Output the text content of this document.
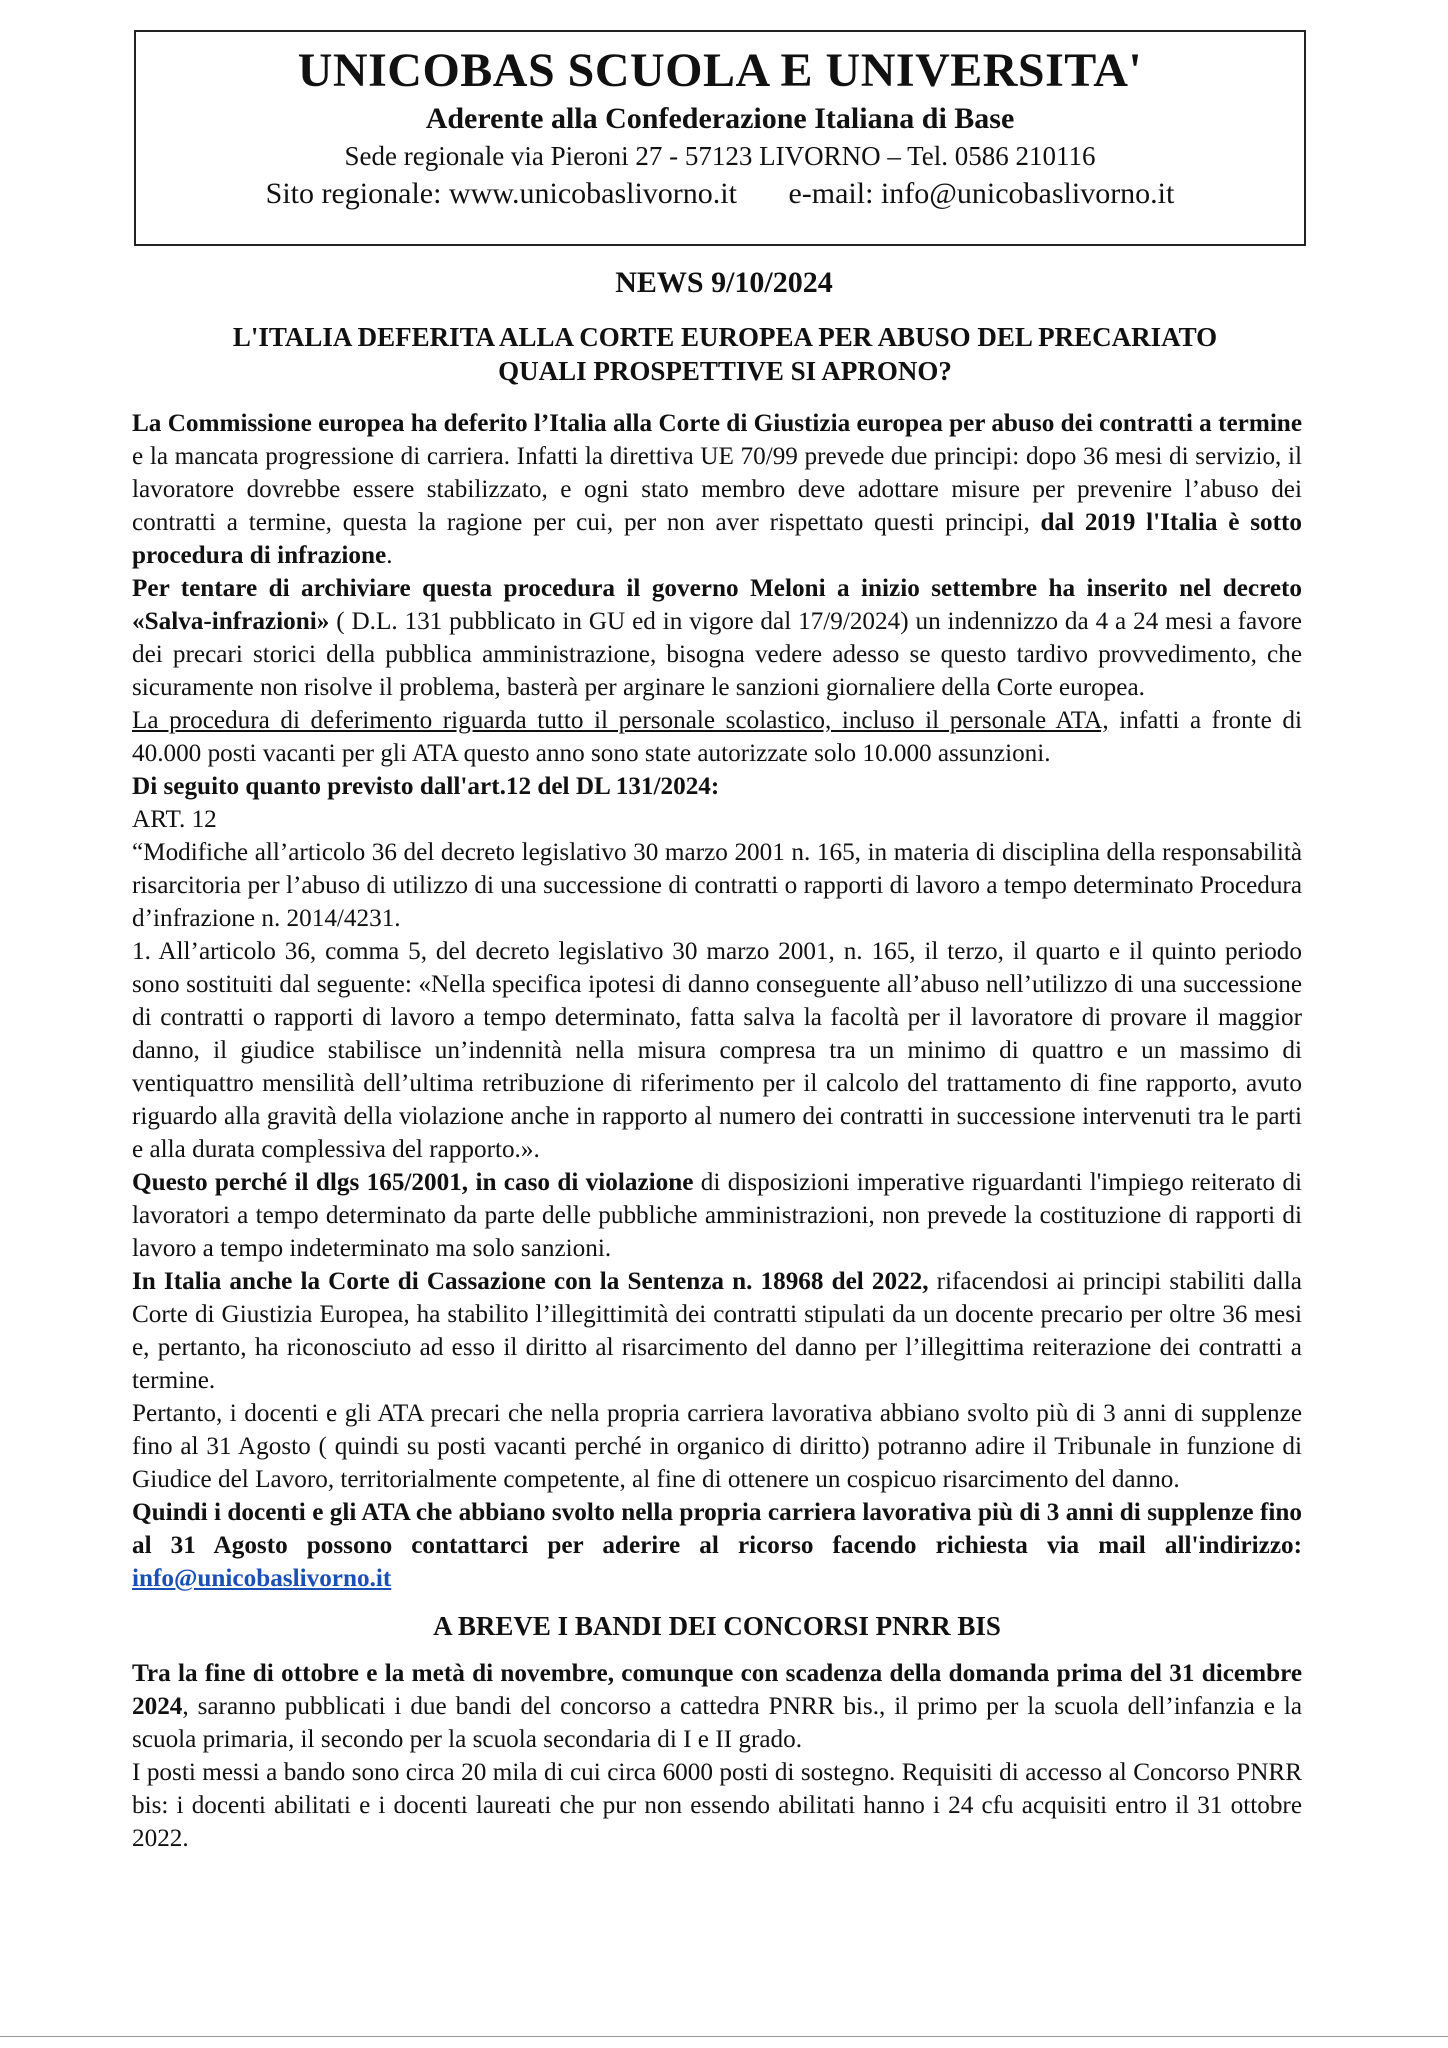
UNICOBAS SCUOLA E UNIVERSITA'
Aderente alla Confederazione Italiana di Base
Sede regionale via Pieroni 27 - 57123 LIVORNO – Tel. 0586 210116
Sito regionale: www.unicobaslivorno.it e-mail: info@unicobaslivorno.it
NEWS 9/10/2024
L'ITALIA DEFERITA ALLA CORTE EUROPEA PER ABUSO DEL PRECARIATO
QUALI PROSPETTIVE SI APRONO?

La Commissione europea ha deferito l’Italia alla Corte di Giustizia europea per abuso dei contratti a termine e la mancata progressione di carriera. Infatti la direttiva UE 70/99 prevede due principi: dopo 36 mesi di servizio, il lavoratore dovrebbe essere stabilizzato, e ogni stato membro deve adottare misure per prevenire l’abuso dei contratti a termine, questa la ragione per cui, per non aver rispettato questi principi, dal 2019 l'Italia è sotto procedura di infrazione.

Per tentare di archiviare questa procedura il governo Meloni a inizio settembre ha inserito nel decreto «Salva-infrazioni» ( D.L. 131 pubblicato in GU ed in vigore dal 17/9/2024) un indennizzo da 4 a 24 mesi a favore dei precari storici della pubblica amministrazione, bisogna vedere adesso se questo tardivo provvedimento, che sicuramente non risolve il problema, basterà per arginare le sanzioni giornaliere della Corte europea.

La procedura di deferimento riguarda tutto il personale scolastico, incluso il personale ATA, infatti a fronte di 40.000 posti vacanti per gli ATA questo anno sono state autorizzate solo 10.000 assunzioni.

Di seguito quanto previsto dall'art.12 del DL 131/2024:

ART. 12

“Modifiche all’articolo 36 del decreto legislativo 30 marzo 2001 n. 165, in materia di disciplina della responsabilità risarcitoria per l’abuso di utilizzo di una successione di contratti o rapporti di lavoro a tempo determinato Procedura d’infrazione n. 2014/4231.

1. All’articolo 36, comma 5, del decreto legislativo 30 marzo 2001, n. 165, il terzo, il quarto e il quinto periodo sono sostituiti dal seguente: «Nella specifica ipotesi di danno conseguente all’abuso nell’utilizzo di una successione di contratti o rapporti di lavoro a tempo determinato, fatta salva la facoltà per il lavoratore di provare il maggior danno, il giudice stabilisce un’indennità nella misura compresa tra un minimo di quattro e un massimo di ventiquattro mensilità dell’ultima retribuzione di riferimento per il calcolo del trattamento di fine rapporto, avuto riguardo alla gravità della violazione anche in rapporto al numero dei contratti in successione intervenuti tra le parti e alla durata complessiva del rapporto.».

Questo perché il dlgs 165/2001, in caso di violazione di disposizioni imperative riguardanti l'impiego reiterato di lavoratori a tempo determinato da parte delle pubbliche amministrazioni, non prevede la costituzione di rapporti di lavoro a tempo indeterminato ma solo sanzioni.

In Italia anche la Corte di Cassazione con la Sentenza n. 18968 del 2022, rifacendosi ai principi stabiliti dalla Corte di Giustizia Europea, ha stabilito l’illegittimità dei contratti stipulati da un docente precario per oltre 36 mesi e, pertanto, ha riconosciuto ad esso il diritto al risarcimento del danno per l’illegittima reiterazione dei contratti a termine.

Pertanto, i docenti e gli ATA precari che nella propria carriera lavorativa abbiano svolto più di 3 anni di supplenze fino al 31 Agosto ( quindi su posti vacanti perché in organico di diritto) potranno adire il Tribunale in funzione di Giudice del Lavoro, territorialmente competente, al fine di ottenere un cospicuo risarcimento del danno.

Quindi i docenti e gli ATA che abbiano svolto nella propria carriera lavorativa più di 3 anni di supplenze fino al 31 Agosto possono contattarci per aderire al ricorso facendo richiesta via mail all'indirizzo: info@unicobaslivorno.it

A BREVE I BANDI DEI CONCORSI PNRR BIS

Tra la fine di ottobre e la metà di novembre, comunque con scadenza della domanda prima del 31 dicembre 2024, saranno pubblicati i due bandi del concorso a cattedra PNRR bis., il primo per la scuola dell’infanzia e la scuola primaria, il secondo per la scuola secondaria di I e II grado.

I posti messi a bando sono circa 20 mila di cui circa 6000 posti di sostegno. Requisiti di accesso al Concorso PNRR bis: i docenti abilitati e i docenti laureati che pur non essendo abilitati hanno i 24 cfu acquisiti entro il 31 ottobre 2022.
